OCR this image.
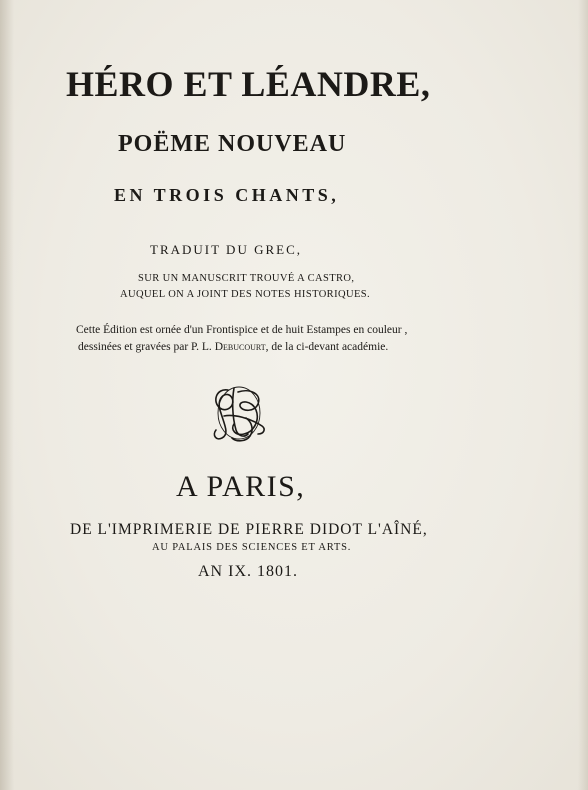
HÉRO ET LÉANDRE,
POËME NOUVEAU
EN TROIS CHANTS,
TRADUIT DU GREC,
SUR UN MANUSCRIT TROUVÉ A CASTRO,
AUQUEL ON A JOINT DES NOTES HISTORIQUES.
Cette Édition est ornée d'un Frontispice et de huit Estampes en couleur ,
dessinées et gravées par P. L. Debucourt, de la ci-devant académie.
A PARIS,
DE L'IMPRIMERIE DE PIERRE DIDOT L'AÎNÉ,
AU PALAIS DES SCIENCES ET ARTS.
AN IX. 1801.
